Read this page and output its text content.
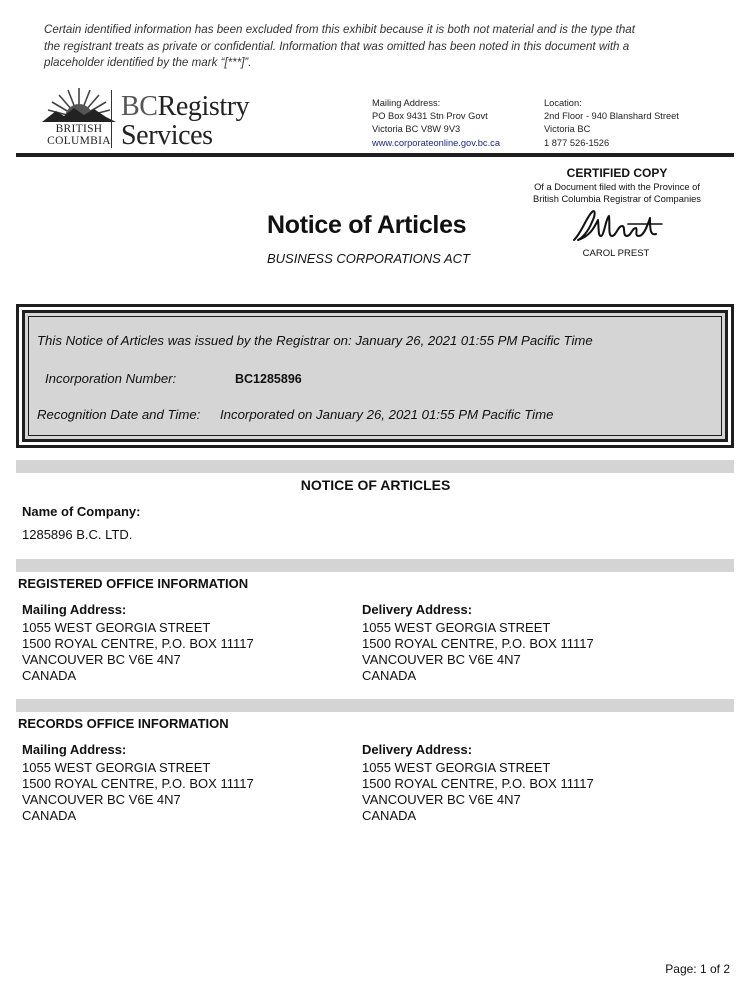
Certain identified information has been excluded from this exhibit because it is both not material and is the type that
the registrant treats as private or confidential. Information that was omitted has been noted in this document with a
placeholder identified by the mark “[***]”.
BRITISH
COLUMBIA
BCRegistry
Services
Mailing Address:
PO Box 9431 Stn Prov Govt
Victoria BC V8W 9V3
www.corporateonline.gov.bc.ca
Location:
2nd Floor - 940 Blanshard Street
Victoria BC
1 877 526-1526
CERTIFIED COPY
Of a Document filed with the Province of
British Columbia Registrar of Companies
CAROL PREST
Notice of Articles
BUSINESS CORPORATIONS ACT
This Notice of Articles was issued by the Registrar on: January 26, 2021 01:55 PM Pacific Time
Incorporation Number:	BC1285896
Recognition Date and Time: Incorporated on January 26, 2021 01:55 PM Pacific Time
NOTICE OF ARTICLES
Name of Company:
1285896 B.C. LTD.
REGISTERED OFFICE INFORMATION
Mailing Address:
1055 WEST GEORGIA STREET
1500 ROYAL CENTRE, P.O. BOX 11117
VANCOUVER BC V6E 4N7
CANADA
Delivery Address:
1055 WEST GEORGIA STREET
1500 ROYAL CENTRE, P.O. BOX 11117
VANCOUVER BC V6E 4N7
CANADA
RECORDS OFFICE INFORMATION
Mailing Address:
1055 WEST GEORGIA STREET
1500 ROYAL CENTRE, P.O. BOX 11117
VANCOUVER BC V6E 4N7
CANADA
Delivery Address:
1055 WEST GEORGIA STREET
1500 ROYAL CENTRE, P.O. BOX 11117
VANCOUVER BC V6E 4N7
CANADA
Page: 1 of 2
